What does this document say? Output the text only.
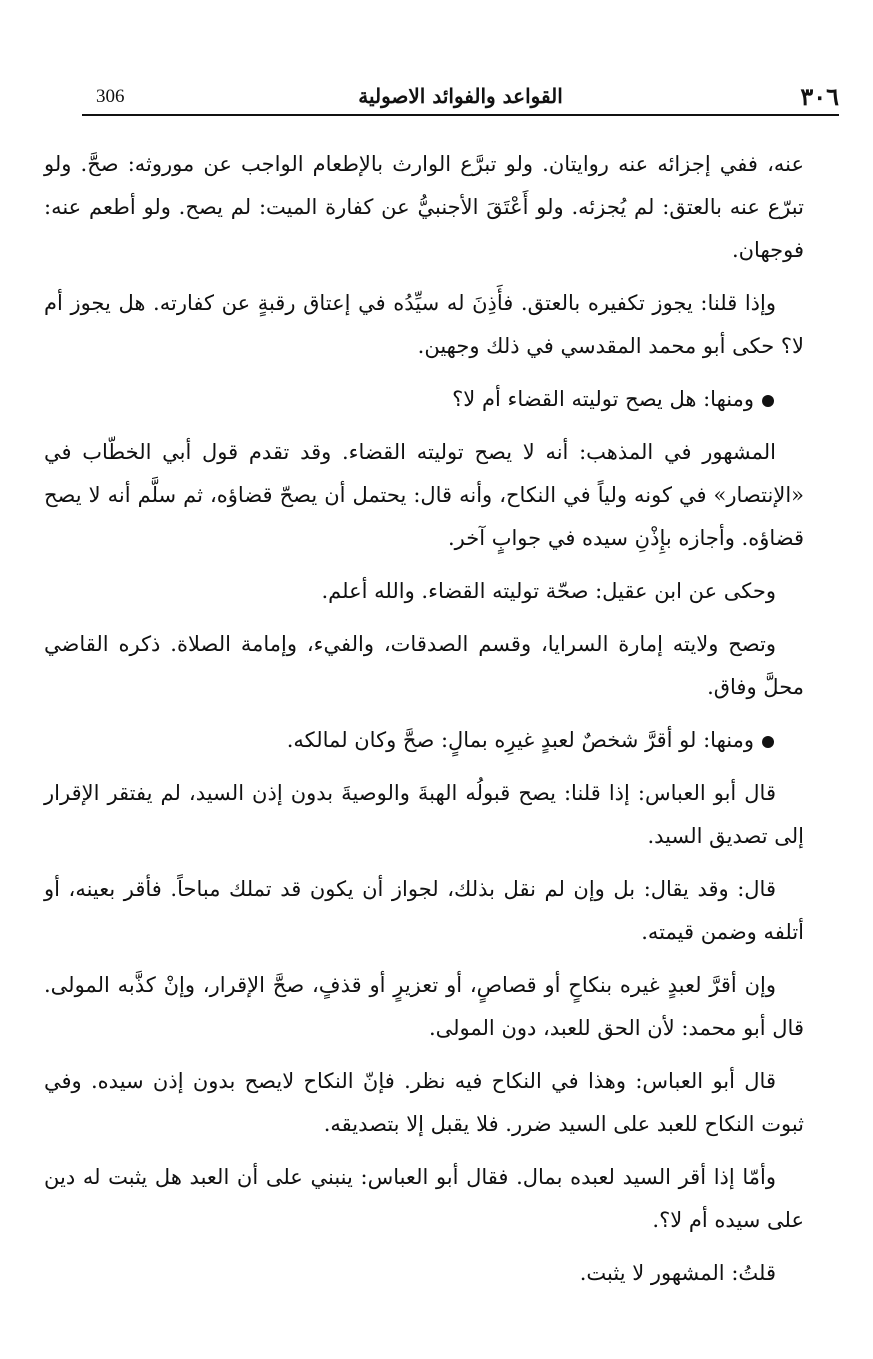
٣٠٦
القواعد والفوائد الاصولية
306

عنه، ففي إجزائه عنه روايتان. ولو تبرَّع الوارث بالإطعام الواجب عن موروثه: صحَّ. ولو تبرّع عنه بالعتق: لم يُجزئه. ولو أَعْتَقَ الأجنبيُّ عن كفارة الميت: لم يصح. ولو أطعم عنه: فوجهان.

وإذا قلنا: يجوز تكفيره بالعتق. فأَذِنَ له سيِّدُه في إعتاق رقبةٍ عن كفارته. هل يجوز أم لا؟ حكى أبو محمد المقدسي في ذلك وجهين.

ومنها: هل يصح توليته القضاء أم لا؟

المشهور في المذهب: أنه لا يصح توليته القضاء. وقد تقدم قول أبي الخطّاب في «الإنتصار» في كونه ولياً في النكاح، وأنه قال: يحتمل أن يصحّ قضاؤه، ثم سلَّم أنه لا يصح قضاؤه. وأجازه بإِذْنِ سيده في جوابٍ آخر.

وحكى عن ابن عقيل: صحّة توليته القضاء. والله أعلم.

وتصح ولايته إمارة السرايا، وقسم الصدقات، والفيء، وإمامة الصلاة. ذكره القاضي محلَّ وفاق.

ومنها: لو أقرَّ شخصٌ لعبدٍ غيرِه بمالٍ: صحَّ وكان لمالكه.

قال أبو العباس: إذا قلنا: يصح قبولُه الهبةَ والوصيةَ بدون إذن السيد، لم يفتقر الإقرار إلى تصديق السيد.

قال: وقد يقال: بل وإن لم نقل بذلك، لجواز أن يكون قد تملك مباحاً. فأقر بعينه، أو أتلفه وضمن قيمته.

وإن أقرَّ لعبدٍ غيره بنكاحٍ أو قصاصٍ، أو تعزيرٍ أو قذفٍ، صحَّ الإقرار، وإنْ كذَّبه المولى. قال أبو محمد: لأن الحق للعبد، دون المولى.

قال أبو العباس: وهذا في النكاح فيه نظر. فإنّ النكاح لايصح بدون إذن سيده. وفي ثبوت النكاح للعبد على السيد ضرر. فلا يقبل إلا بتصديقه.

وأمّا إذا أقر السيد لعبده بمال. فقال أبو العباس: ينبني على أن العبد هل يثبت له دين على سيده أم لا؟.

قلتُ: المشهور لا يثبت.
